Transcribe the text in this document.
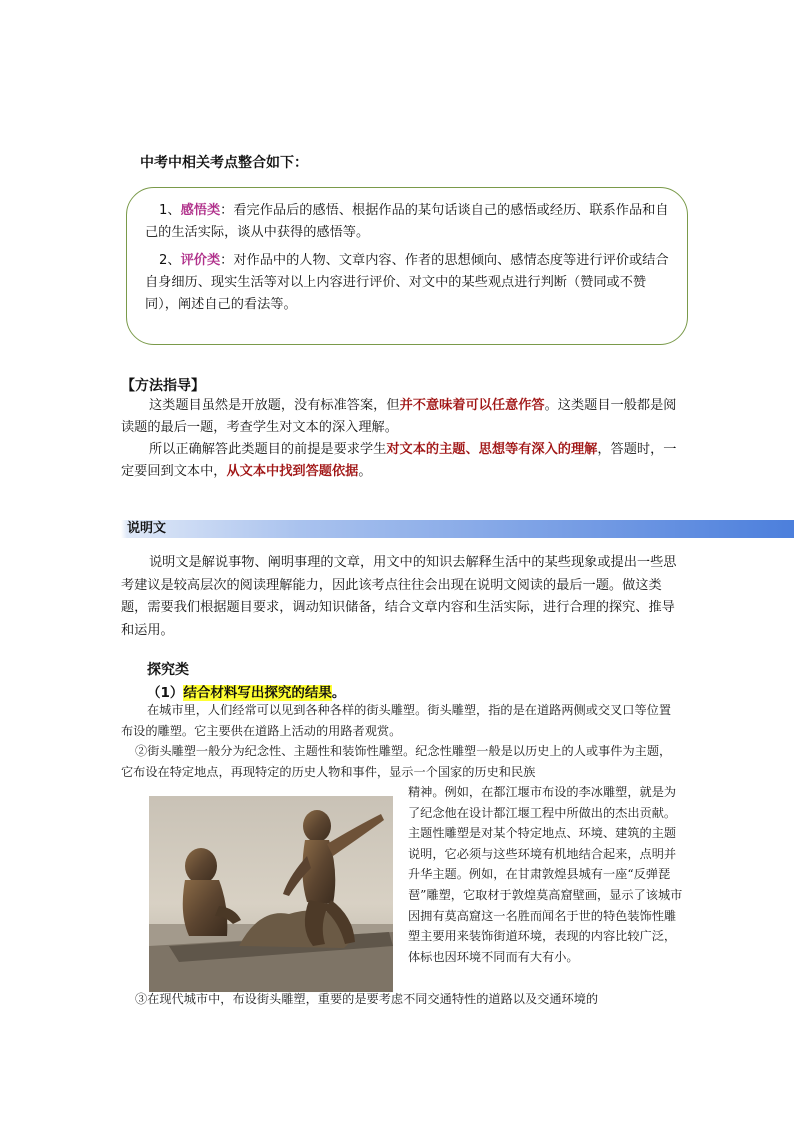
中考中相关考点整合如下：

1、感悟类：看完作品后的感悟、根据作品的某句话谈自己的感悟或经历、联系作品和自己的生活实际，谈从中获得的感悟等。

2、评价类：对作品中的人物、文章内容、作者的思想倾向、感情态度等进行评价或结合自身细历、现实生活等对以上内容进行评价、对文中的某些观点进行判断（赞同或不赞同），阐述自己的看法等。

【方法指导】

这类题目虽然是开放题，没有标准答案，但并不意味着可以任意作答。这类题目一般都是阅读题的最后一题，考查学生对文本的深入理解。

所以正确解答此类题目的前提是要求学生对文本的主题、思想等有深入的理解，答题时，一定要回到文本中，从文本中找到答题依据。

说明文

说明文是解说事物、阐明事理的文章，用文中的知识去解释生活中的某些现象或提出一些思考建议是较高层次的阅读理解能力，因此该考点往往会出现在说明文阅读的最后一题。做这类题，需要我们根据题目要求，调动知识储备，结合文章内容和生活实际，进行合理的探究、推导和运用。

探究类
（1）结合材料写出探究的结果。

在城市里，人们经常可以见到各种各样的街头雕塑。街头雕塑，指的是在道路两侧或交叉口等位置布设的雕塑。它主要供在道路上活动的用路者观赏。

②街头雕塑一般分为纪念性、主题性和装饰性雕塑。纪念性雕塑一般是以历史上的人或事件为主题，它布设在特定地点，再现特定的历史人物和事件，显示一个国家的历史和民族

精神。例如，在都江堰市布设的李冰雕塑，就是为了纪念他在设计都江堰工程中所做出的杰出贡献。主题性雕塑是对某个特定地点、环境、建筑的主题说明，它必须与这些环境有机地结合起来，点明并升华主题。例如，在甘肃敦煌县城有一座“反弹琵琶”雕塑，它取材于敦煌莫高窟壁画，显示了该城市因拥有莫高窟这一名胜而闻名于世的特色装饰性雕塑主要用来装饰街道环境，表现的内容比较广泛，体标也因环境不同而有大有小。

③在现代城市中，布设街头雕塑，重要的是要考虑不同交通特性的道路以及交通环境的
